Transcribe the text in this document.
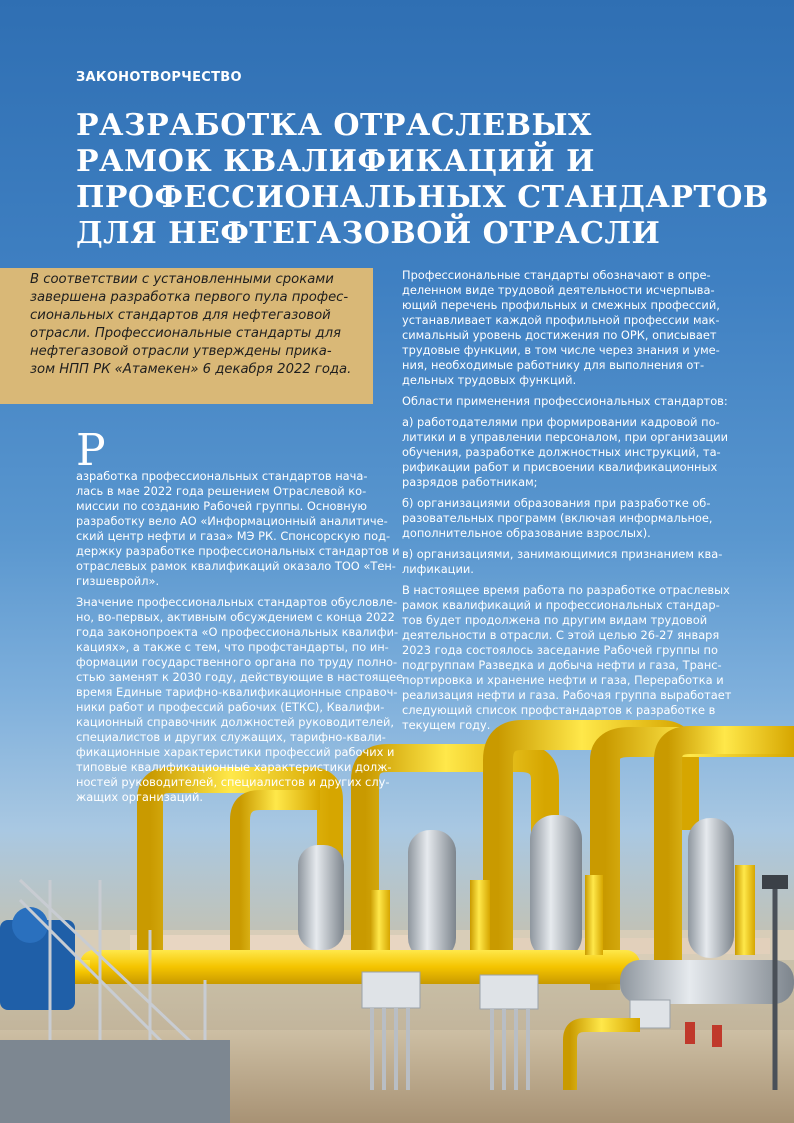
ЗАКОНОТВОРЧЕСТВО
РАЗРАБОТКА ОТРАСЛЕВЫХ
РАМОК КВАЛИФИКАЦИЙ И
ПРОФЕССИОНАЛЬНЫХ СТАНДАРТОВ
ДЛЯ НЕФТЕГАЗОВОЙ ОТРАСЛИ
В соответствии с установленными сроками
завершена разработка первого пула профес-
сиональных стандартов для нефтегазовой
отрасли. Профессиональные стандарты для
нефтегазовой отрасли утверждены прика-
зом НПП РК «Атамекен» 6 декабря 2022 года.

Р
азработка профессиональных стандартов нача-
лась в мае 2022 года решением Отраслевой ко-
миссии по созданию Рабочей группы. Основную
разработку вело АО «Информационный аналитиче-
ский центр нефти и газа» МЭ РК. Спонсорскую под-
держку разработке профессиональных стандартов и
отраслевых рамок квалификаций оказало ТОО «Тен-
гизшевройл».

Значение профессиональных стандартов обусловле-
но, во-первых, активным обсуждением с конца 2022
года законопроекта «О профессиональных квалифи-
кациях», а также с тем, что профстандарты, по ин-
формации государственного органа по труду полно-
стью заменят к 2030 году, действующие в настоящее
время Единые тарифно-квалификационные справоч-
ники работ и профессий рабочих (ЕТКС), Квалифи-
кационный справочник должностей руководителей,
специалистов и других служащих, тарифно-квали-
фикационные характеристики профессий рабочих и
типовые квалификационные характеристики долж-
ностей руководителей, специалистов и других слу-
жащих организаций.

Профессиональные стандарты обозначают в опре-
деленном виде трудовой деятельности исчерпыва-
ющий перечень профильных и смежных профессий,
устанавливает каждой профильной профессии мак-
симальный уровень достижения по ОРК, описывает
трудовые функции, в том числе через знания и уме-
ния, необходимые работнику для выполнения от-
дельных трудовых функций.

Области применения профессиональных стандартов:

а) работодателями при формировании кадровой по-
литики и в управлении персоналом, при организации
обучения, разработке должностных инструкций, та-
рификации работ и присвоении квалификационных
разрядов работникам;

б) организациями образования при разработке об-
разовательных программ (включая информальное,
дополнительное образование взрослых).

в) организациями, занимающимися признанием ква-
лификации.

В настоящее время работа по разработке отраслевых
рамок квалификаций и профессиональных стандар-
тов будет продолжена по другим видам трудовой
деятельности в отрасли. С этой целью 26-27 января
2023 года состоялось заседание Рабочей группы по
подгруппам Разведка и добыча нефти и газа, Транс-
портировка и хранение нефти и газа, Переработка и
реализация нефти и газа. Рабочая группа выработает
следующий список профстандартов к разработке в
текущем году.
